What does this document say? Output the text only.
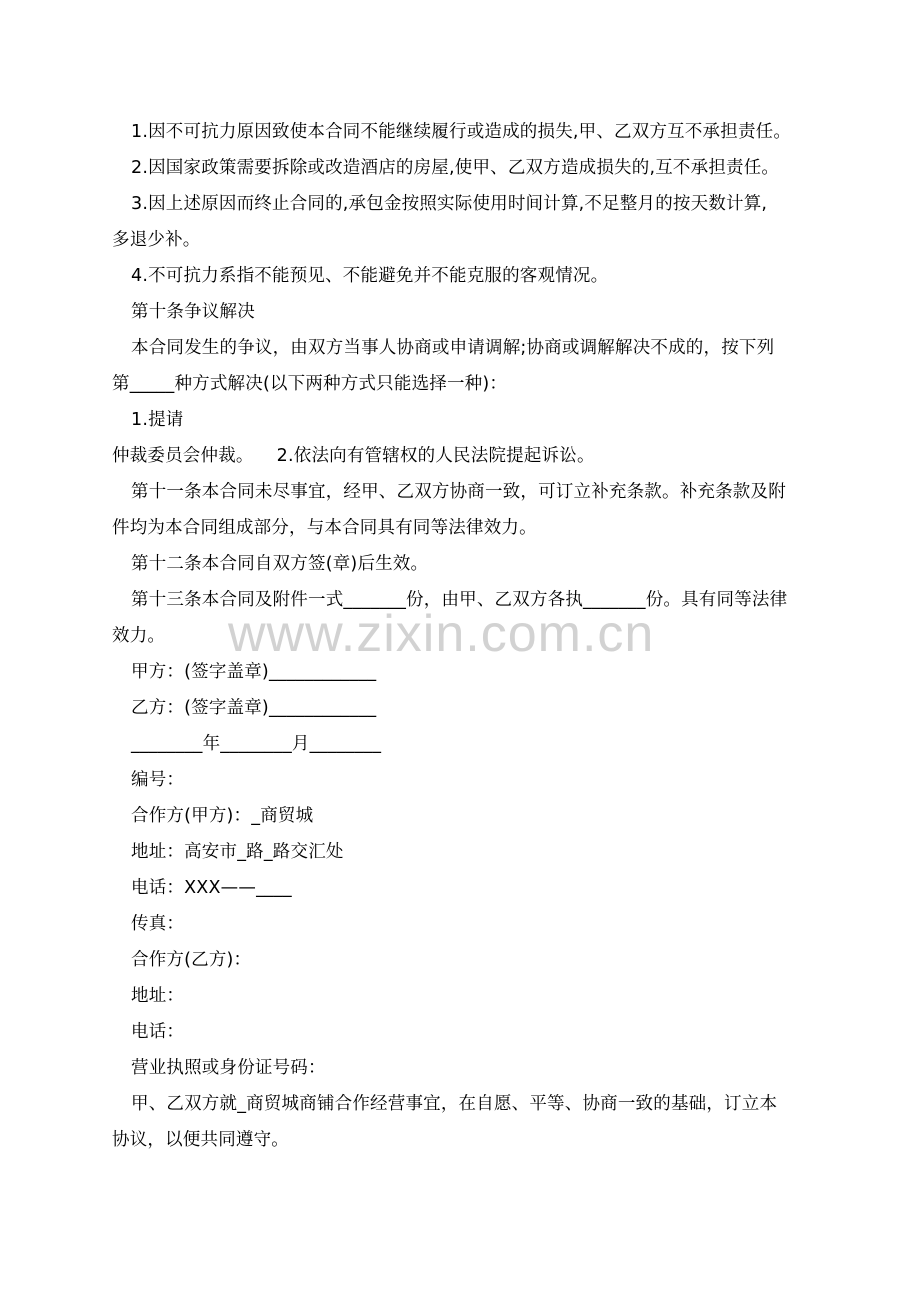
1.因不可抗力原因致使本合同不能继续履行或造成的损失,甲、乙双方互不承担责任。

2.因国家政策需要拆除或改造酒店的房屋,使甲、乙双方造成损失的,互不承担责任。

3.因上述原因而终止合同的,承包金按照实际使用时间计算,不足整月的按天数计算,

多退少补。

4.不可抗力系指不能预见、不能避免并不能克服的客观情况。

第十条争议解决

本合同发生的争议，由双方当事人协商或申请调解;协商或调解解决不成的，按下列

第_____种方式解决(以下两种方式只能选择一种)：

1.提请

仲裁委员会仲裁。    2.依法向有管辖权的人民法院提起诉讼。

第十一条本合同未尽事宜，经甲、乙双方协商一致，可订立补充条款。补充条款及附

件均为本合同组成部分，与本合同具有同等法律效力。

第十二条本合同自双方签(章)后生效。

第十三条本合同及附件一式_______份，由甲、乙双方各执_______份。具有同等法律

效力。

甲方：(签字盖章)____________

乙方：(签字盖章)____________

________年________月________

编号：

合作方(甲方)：_商贸城

地址：高安市_路_路交汇处

电话：XXX——____

传真：

合作方(乙方)：

地址：

电话：

营业执照或身份证号码：

甲、乙双方就_商贸城商铺合作经营事宜，在自愿、平等、协商一致的基础，订立本

协议，以便共同遵守。

www.zixin.com.cn
